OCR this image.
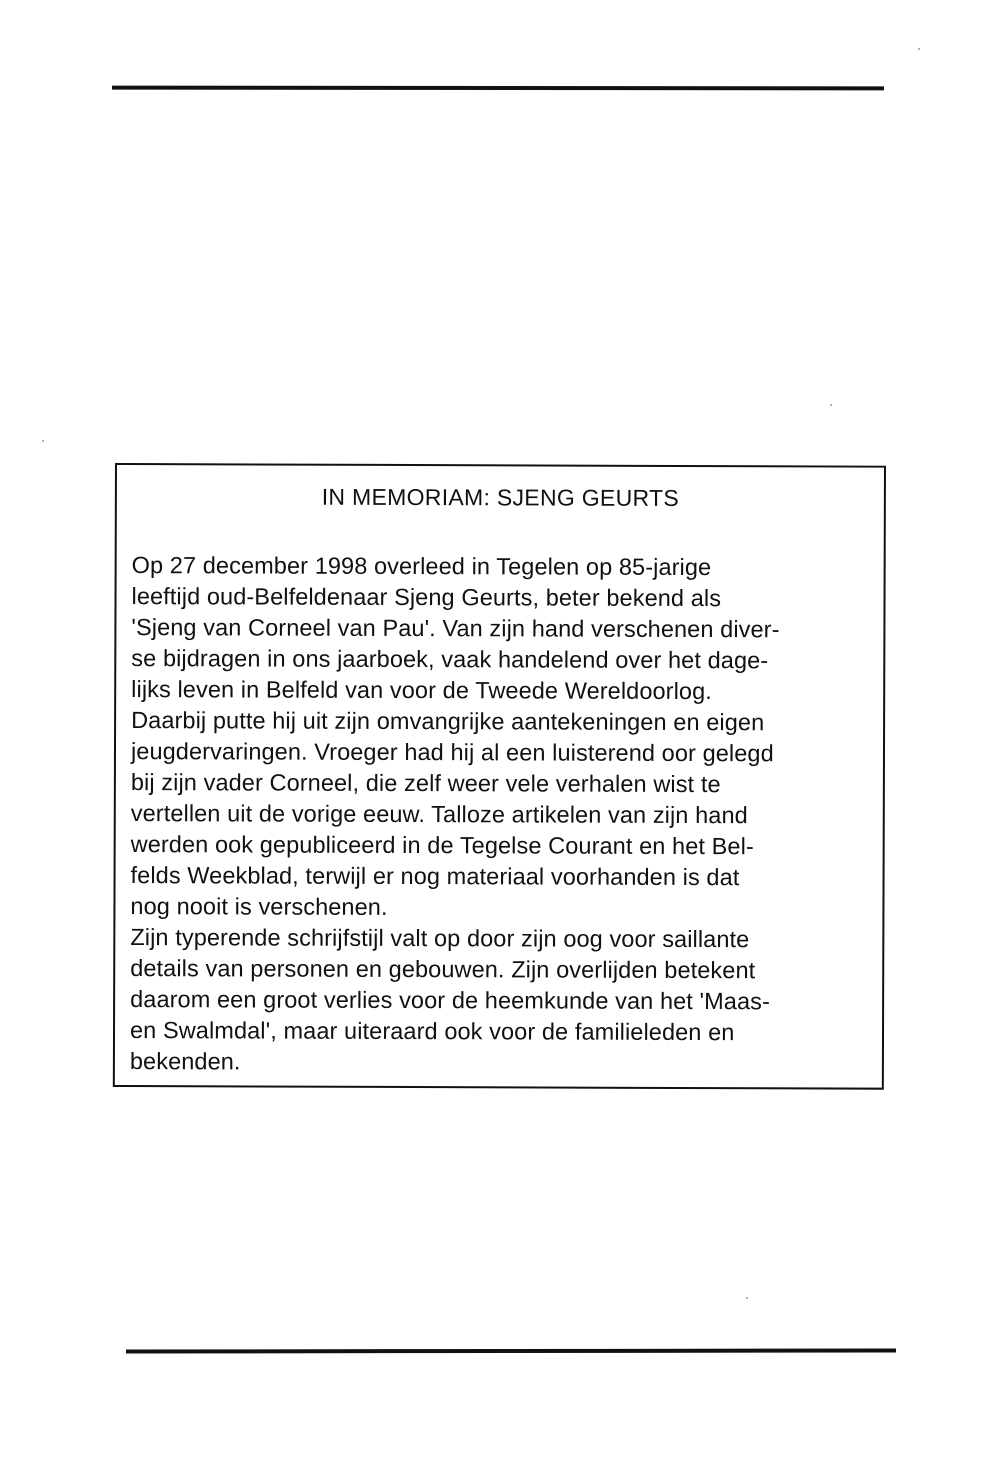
IN MEMORIAM: SJENG GEURTS

Op 27 december 1998 overleed in Tegelen op 85-jarige
leeftijd oud-Belfeldenaar Sjeng Geurts, beter bekend als
'Sjeng van Corneel van Pau'. Van zijn hand verschenen diver-
se bijdragen in ons jaarboek, vaak handelend over het dage-
lijks leven in Belfeld van voor de Tweede Wereldoorlog.
Daarbij putte hij uit zijn omvangrijke aantekeningen en eigen
jeugdervaringen. Vroeger had hij al een luisterend oor gelegd
bij zijn vader Corneel, die zelf weer vele verhalen wist te
vertellen uit de vorige eeuw. Talloze artikelen van zijn hand
werden ook gepubliceerd in de Tegelse Courant en het Bel-
felds Weekblad, terwijl er nog materiaal voorhanden is dat
nog nooit is verschenen.
Zijn typerende schrijfstijl valt op door zijn oog voor saillante
details van personen en gebouwen. Zijn overlijden betekent
daarom een groot verlies voor de heemkunde van het 'Maas-
en Swalmdal', maar uiteraard ook voor de familieleden en
bekenden.
